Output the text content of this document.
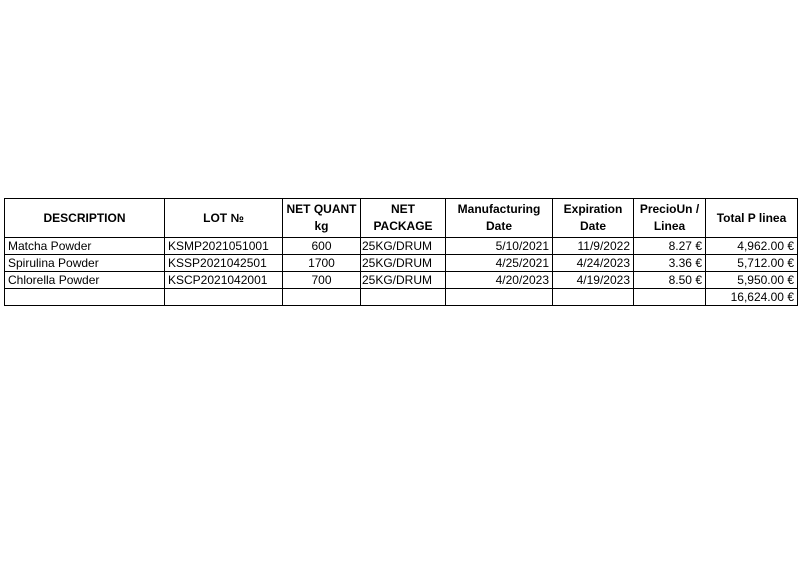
DESCRIPTION	LOT №	NET QUANT kg	NET PACKAGE	Manufacturing Date	Expiration Date	PrecioUn / Linea	Total P linea
Matcha Powder	KSMP2021051001	600	25KG/DRUM	5/10/2021	11/9/2022	8.27 €	4,962.00 €
Spirulina Powder	KSSP2021042501	1700	25KG/DRUM	4/25/2021	4/24/2023	3.36 €	5,712.00 €
Chlorella Powder	KSCP2021042001	700	25KG/DRUM	4/20/2023	4/19/2023	8.50 €	5,950.00 €
							16,624.00 €
